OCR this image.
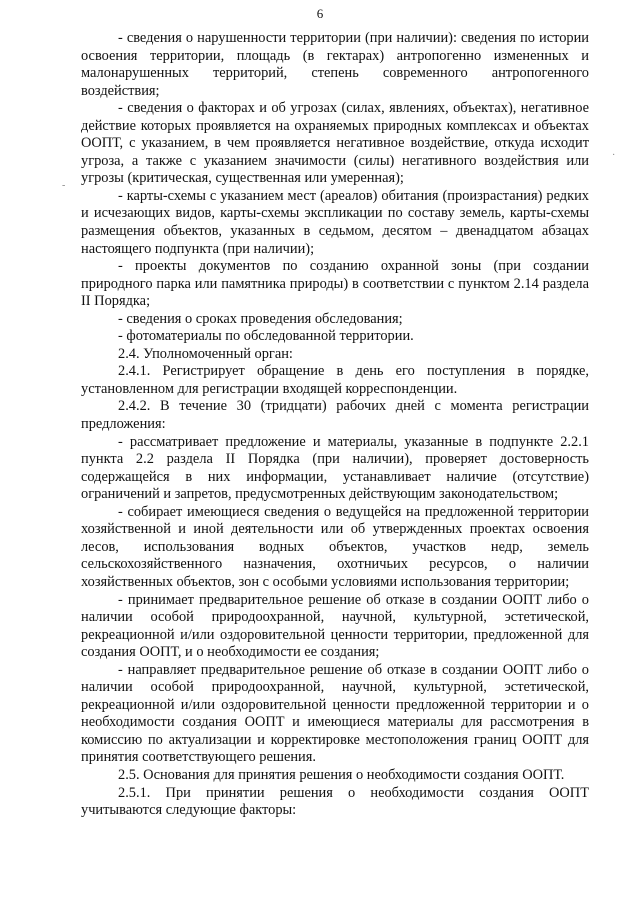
6

- сведения о нарушенности территории (при наличии): сведения по истории освоения территории, площадь (в гектарах) антропогенно измененных и малонарушенных территорий, степень современного антропогенного воздействия;

- сведения о факторах и об угрозах (силах, явлениях, объектах), негативное действие которых проявляется на охраняемых природных комплексах и объектах ООПТ, с указанием, в чем проявляется негативное воздействие, откуда исходит угроза, а также с указанием значимости (силы) негативного воздействия или угрозы (критическая, существенная или умеренная);

- карты-схемы с указанием мест (ареалов) обитания (произрастания) редких и исчезающих видов, карты-схемы экспликации по составу земель, карты-схемы размещения объектов, указанных в седьмом, десятом – двенадцатом абзацах настоящего подпункта (при наличии);

- проекты документов по созданию охранной зоны (при создании природного парка или памятника природы) в соответствии с пунктом 2.14 раздела II Порядка;

- сведения о сроках проведения обследования;

- фотоматериалы по обследованной территории.

2.4. Уполномоченный орган:

2.4.1. Регистрирует обращение в день его поступления в порядке, установленном для регистрации входящей корреспонденции.

2.4.2. В течение 30 (тридцати) рабочих дней с момента регистрации предложения:

- рассматривает предложение и материалы, указанные в подпункте 2.2.1 пункта 2.2 раздела II Порядка (при наличии), проверяет достоверность содержащейся в них информации, устанавливает наличие (отсутствие) ограничений и запретов, предусмотренных действующим законодательством;

- собирает имеющиеся сведения о ведущейся на предложенной территории хозяйственной и иной деятельности или об утвержденных проектах освоения лесов, использования водных объектов, участков недр, земель сельскохозяйственного назначения, охотничьих ресурсов, о наличии хозяйственных объектов, зон с особыми условиями использования территории;

- принимает предварительное решение об отказе в создании ООПТ либо о наличии особой природоохранной, научной, культурной, эстетической, рекреационной и/или оздоровительной ценности территории, предложенной для создания ООПТ, и о необходимости ее создания;

- направляет предварительное решение об отказе в создании ООПТ либо о наличии особой природоохранной, научной, культурной, эстетической, рекреационной и/или оздоровительной ценности предложенной территории и о необходимости создания ООПТ и имеющиеся материалы для рассмотрения в комиссию по актуализации и корректировке местоположения границ ООПТ для принятия соответствующего решения.

2.5. Основания для принятия решения о необходимости создания ООПТ.

2.5.1. При принятии решения о необходимости создания ООПТ учитываются следующие факторы:

-
·
